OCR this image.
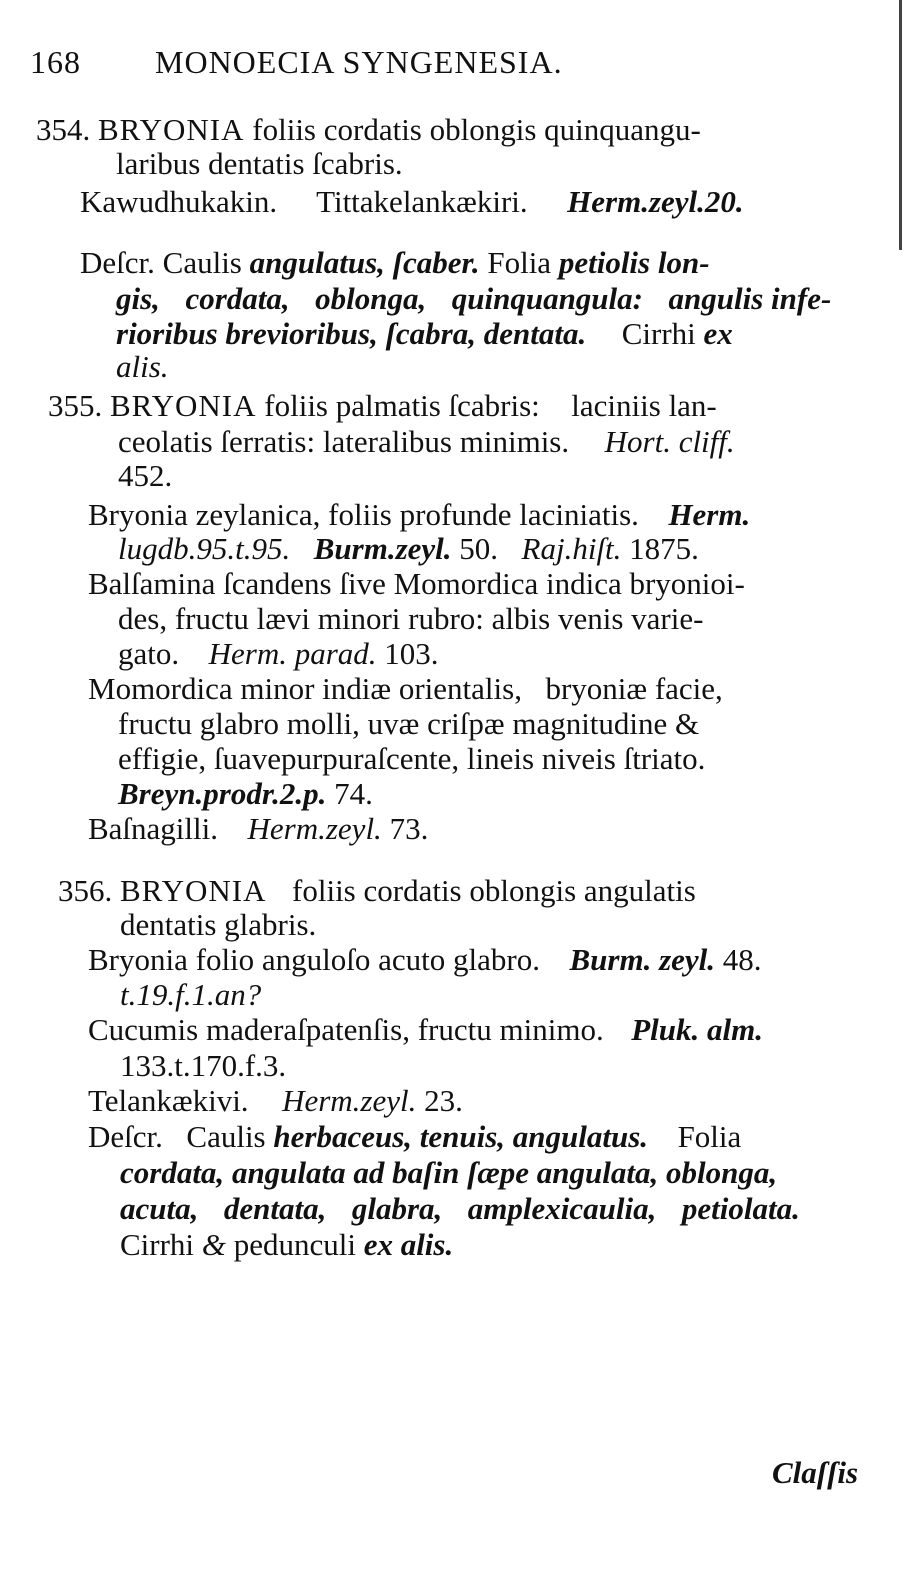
168 MONOECIA SYNGENESIA.
354. BRYONIA foliis cordatis oblongis quinquangu-
laribus dentatis ſcabris.
Kawudhukakin. Tittakelankækiri. Herm.zeyl.20.
Deſcr. Caulis angulatus, ſcaber. Folia petiolis lon-
gis, cordata, oblonga, quinquangula: angulis infe-
rioribus brevioribus, ſcabra, dentata. Cirrhi ex
alis.
355. BRYONIA foliis palmatis ſcabris: laciniis lan-
ceolatis ſerratis: lateralibus minimis. Hort. cliff.
452.
Bryonia zeylanica, foliis profunde laciniatis. Herm.
lugdb.95.t.95. Burm.zeyl. 50. Raj.hiſt. 1875.
Balſamina ſcandens ſive Momordica indica bryonioi-
des, fructu lævi minori rubro: albis venis varie-
gato. Herm. parad. 103.
Momordica minor indiæ orientalis, bryoniæ facie,
fructu glabro molli, uvæ criſpæ magnitudine &
effigie, ſuavepurpuraſcente, lineis niveis ſtriato.
Breyn.prodr.2.p. 74.
Baſnagilli. Herm.zeyl. 73.
356. BRYONIA foliis cordatis oblongis angulatis
dentatis glabris.
Bryonia folio anguloſo acuto glabro. Burm. zeyl. 48.
t.19.f.1.an?
Cucumis maderaſpatenſis, fructu minimo. Pluk. alm.
133.t.170.f.3.
Telankækivi. Herm.zeyl. 23.
Deſcr. Caulis herbaceus, tenuis, angulatus. Folia
cordata, angulata ad baſin ſæpe angulata, oblonga,
acuta, dentata, glabra, amplexicaulia, petiolata.
Cirrhi & pedunculi ex alis.
Claſſis
